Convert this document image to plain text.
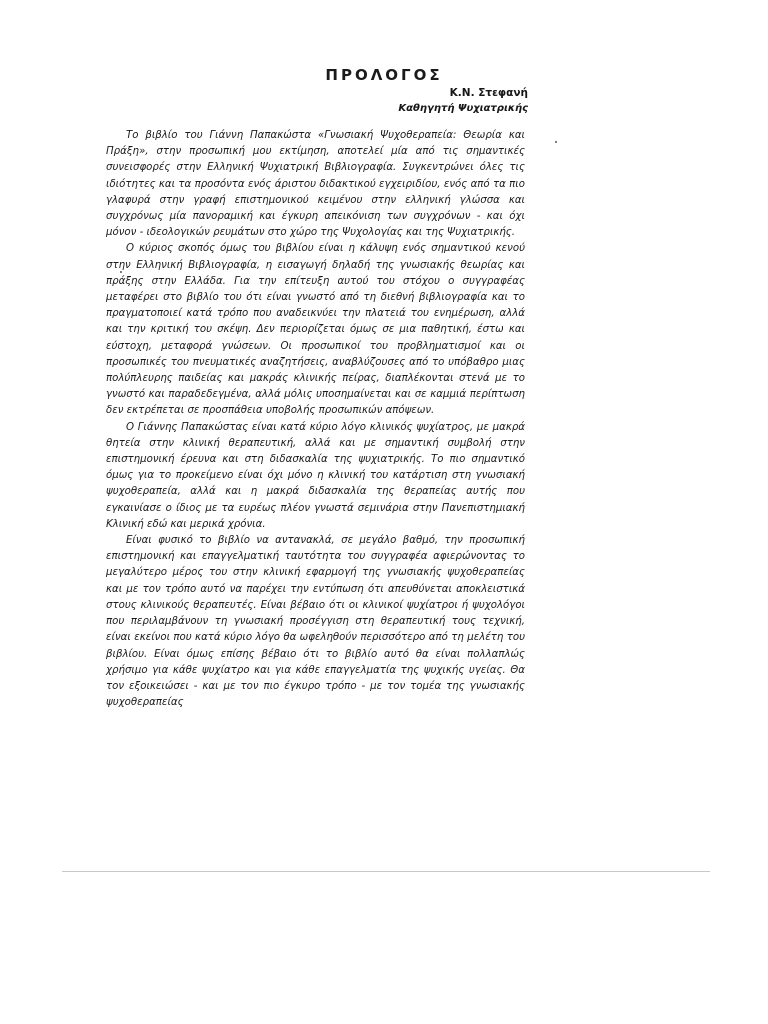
ΠΡΟΛΟΓΟΣ
Κ.Ν. Στεφανή
Καθηγητή Ψυχιατρικής

Το βιβλίο του Γιάννη Παπακώστα «Γνωσιακή Ψυχοθεραπεία: Θεωρία και Πράξη», στην προσωπική μου εκτίμηση, αποτελεί μία από τις σημαντικές συνεισφορές στην Ελληνική Ψυχιατρική Βιβλιογραφία. Συγκεντρώνει όλες τις ιδιότητες και τα προσόντα ενός άριστου διδακτικού εγχειριδίου, ενός από τα πιο γλαφυρά στην γραφή επιστημονικού κειμένου στην ελληνική γλώσσα και συγχρόνως μία πανοραμική και έγκυρη απεικόνιση των συγχρόνων - και όχι μόνον - ιδεολογικών ρευμάτων στο χώρο της Ψυχολογίας και της Ψυχιατρικής.

Ο κύριος σκοπός όμως του βιβλίου είναι η κάλυψη ενός σημαντικού κενού στην Ελληνική Βιβλιογραφία, η εισαγωγή δηλαδή της γνωσιακής θεωρίας και πράξης στην Ελλάδα. Για την επίτευξη αυτού του στόχου ο συγγραφέας μεταφέρει στο βιβλίο του ότι είναι γνωστό από τη διεθνή βιβλιογραφία και το πραγματοποιεί κατά τρόπο που αναδεικνύει την πλατειά του ενημέρωση, αλλά και την κριτική του σκέψη. Δεν περιορίζεται όμως σε μια παθητική, έστω και εύστοχη, μεταφορά γνώσεων. Οι προσωπικοί του προβληματισμοί και οι προσωπικές του πνευματικές αναζητήσεις, αναβλύζουσες από το υπόβαθρο μιας πολύπλευρης παιδείας και μακράς κλινικής πείρας, διαπλέκονται στενά με το γνωστό και παραδεδεγμένα, αλλά μόλις υποσημαίνεται και σε καμμιά περίπτωση δεν εκτρέπεται σε προσπάθεια υποβολής προσωπικών απόψεων.

Ο Γιάννης Παπακώστας είναι κατά κύριο λόγο κλινικός ψυχίατρος, με μακρά θητεία στην κλινική θεραπευτική, αλλά και με σημαντική συμβολή στην επιστημονική έρευνα και στη διδασκαλία της ψυχιατρικής. Το πιο σημαντικό όμως για το προκείμενο είναι όχι μόνο η κλινική του κατάρτιση στη γνωσιακή ψυχοθεραπεία, αλλά και η μακρά διδασκαλία της θεραπείας αυτής που εγκαινίασε ο ίδιος με τα ευρέως πλέον γνωστά σεμινάρια στην Πανεπιστημιακή Κλινική εδώ και μερικά χρόνια.

Είναι φυσικό το βιβλίο να αντανακλά, σε μεγάλο βαθμό, την προσωπική επιστημονική και επαγγελματική ταυτότητα του συγγραφέα αφιερώνοντας το μεγαλύτερο μέρος του στην κλινική εφαρμογή της γνωσιακής ψυχοθεραπείας και με τον τρόπο αυτό να παρέχει την εντύπωση ότι απευθύνεται αποκλειστικά στους κλινικούς θεραπευτές. Είναι βέβαιο ότι οι κλινικοί ψυχίατροι ή ψυχολόγοι που περιλαμβάνουν τη γνωσιακή προσέγγιση στη θεραπευτική τους τεχνική, είναι εκείνοι που κατά κύριο λόγο θα ωφεληθούν περισσότερο από τη μελέτη του βιβλίου. Είναι όμως επίσης βέβαιο ότι το βιβλίο αυτό θα είναι πολλαπλώς χρήσιμο για κάθε ψυχίατρο και για κάθε επαγγελματία της ψυχικής υγείας. Θα τον εξοικειώσει - και με τον πιο έγκυρο τρόπο - με τον τομέα της γνωσιακής ψυχοθεραπείας
